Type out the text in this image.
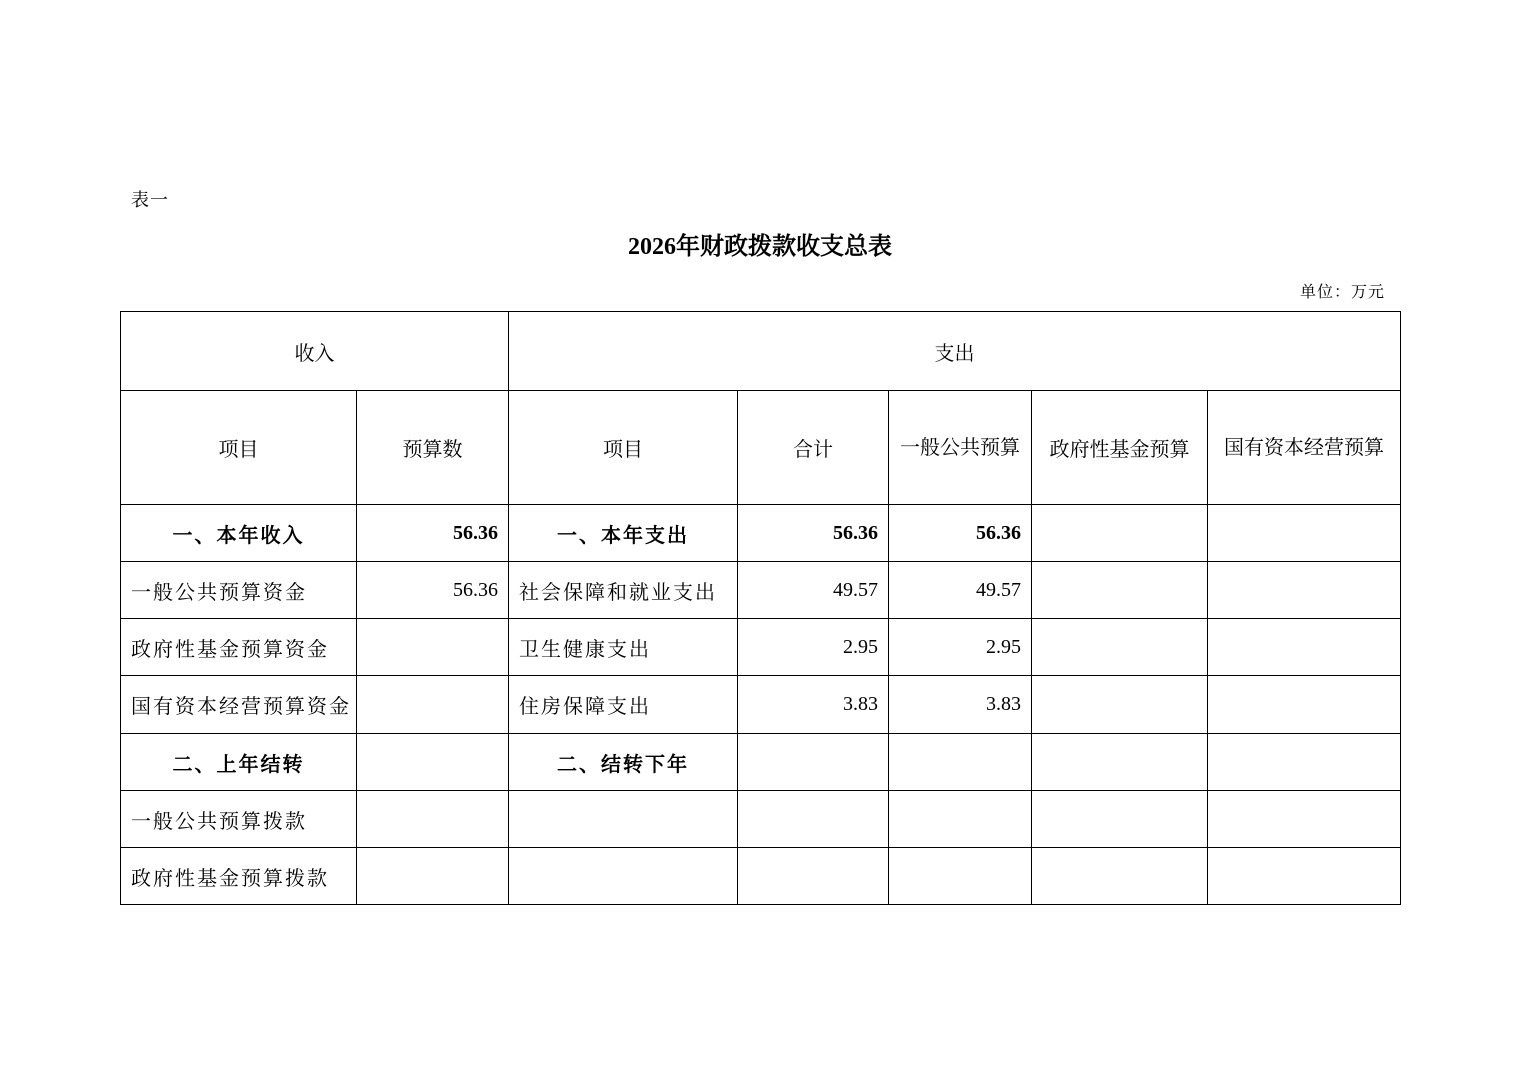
表一
2026年财政拨款收支总表
单位：万元
收入		支出				
项目	预算数	项目	合计	一般公共预算	政府性基金预算	国有资本经营预算

一、本年收入	56.36	一、本年支出	56.36	56.36		
一般公共预算资金	56.36	社会保障和就业支出	49.57	49.57		
政府性基金预算资金		卫生健康支出	2.95	2.95		
国有资本经营预算资金		住房保障支出	3.83	3.83		
二、上年结转		二、结转下年				
一般公共预算拨款						
政府性基金预算拨款						
